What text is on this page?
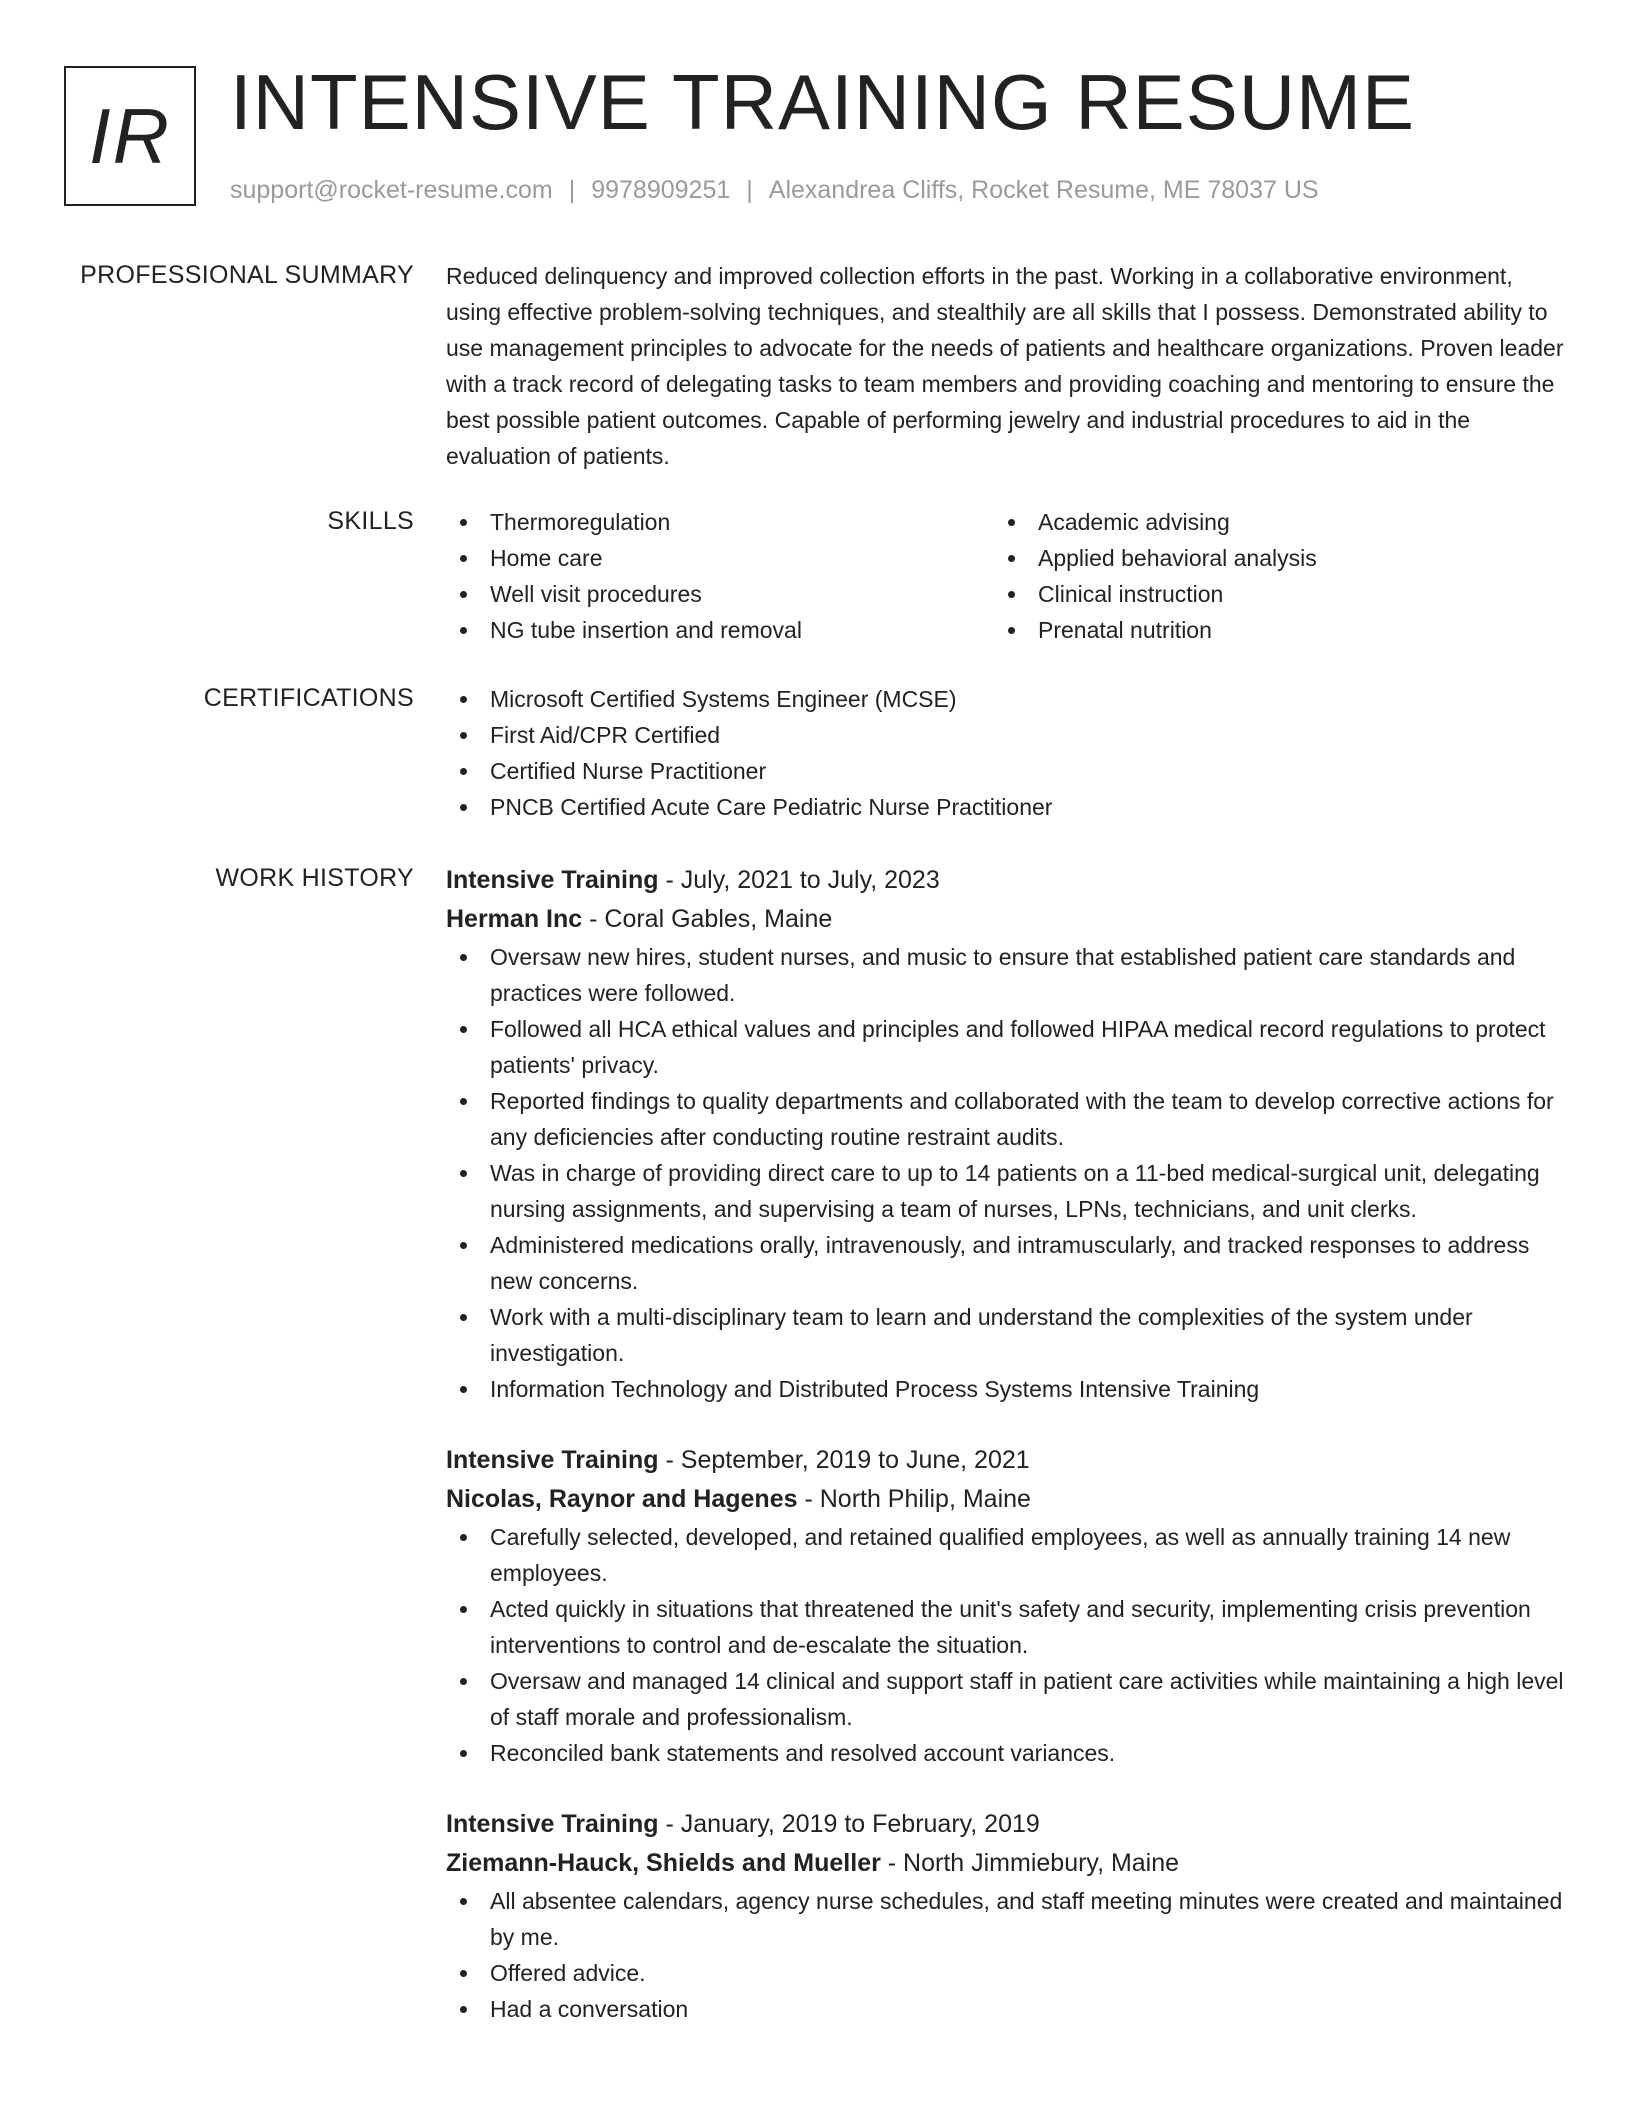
IR INTENSIVE TRAINING RESUME
support@rocket-resume.com | 9978909251 | Alexandrea Cliffs, Rocket Resume, ME 78037 US
PROFESSIONAL SUMMARY Reduced delinquency and improved collection efforts in the past. Working in a collaborative environment, using effective problem-solving techniques, and stealthily are all skills that I possess. Demonstrated ability to use management principles to advocate for the needs of patients and healthcare organizations. Proven leader with a track record of delegating tasks to team members and providing coaching and mentoring to ensure the best possible patient outcomes. Capable of performing jewelry and industrial procedures to aid in the evaluation of patients.

SKILLS	Thermoregulation
Home care
Well visit procedures
NG tube insertion and removal
Academic advising
Applied behavioral analysis
Clinical instruction
Prenatal nutrition
CERTIFICATIONS	Microsoft Certified Systems Engineer (MCSE)
First Aid/CPR Certified
Certified Nurse Practitioner
PNCB Certified Acute Care Pediatric Nurse Practitioner
WORK HISTORY Intensive Training - July, 2021 to July, 2023
Herman Inc - Coral Gables, Maine
Oversaw new hires, student nurses, and music to ensure that established patient care standards and practices were followed.
Followed all HCA ethical values and principles and followed HIPAA medical record regulations to protect patients' privacy.
Reported findings to quality departments and collaborated with the team to develop corrective actions for any deficiencies after conducting routine restraint audits.
Was in charge of providing direct care to up to 14 patients on a 11-bed medical-surgical unit, delegating nursing assignments, and supervising a team of nurses, LPNs, technicians, and unit clerks.
Administered medications orally, intravenously, and intramuscularly, and tracked responses to address new concerns.
Work with a multi-disciplinary team to learn and understand the complexities of the system under investigation.
Information Technology and Distributed Process Systems Intensive Training
Intensive Training - September, 2019 to June, 2021
Nicolas, Raynor and Hagenes - North Philip, Maine
Carefully selected, developed, and retained qualified employees, as well as annually training 14 new employees.
Acted quickly in situations that threatened the unit's safety and security, implementing crisis prevention interventions to control and de-escalate the situation.
Oversaw and managed 14 clinical and support staff in patient care activities while maintaining a high level of staff morale and professionalism.
Reconciled bank statements and resolved account variances.
Intensive Training - January, 2019 to February, 2019
Ziemann-Hauck, Shields and Mueller - North Jimmiebury, Maine
All absentee calendars, agency nurse schedules, and staff meeting minutes were created and maintained by me.
Offered advice.
Had a conversation
